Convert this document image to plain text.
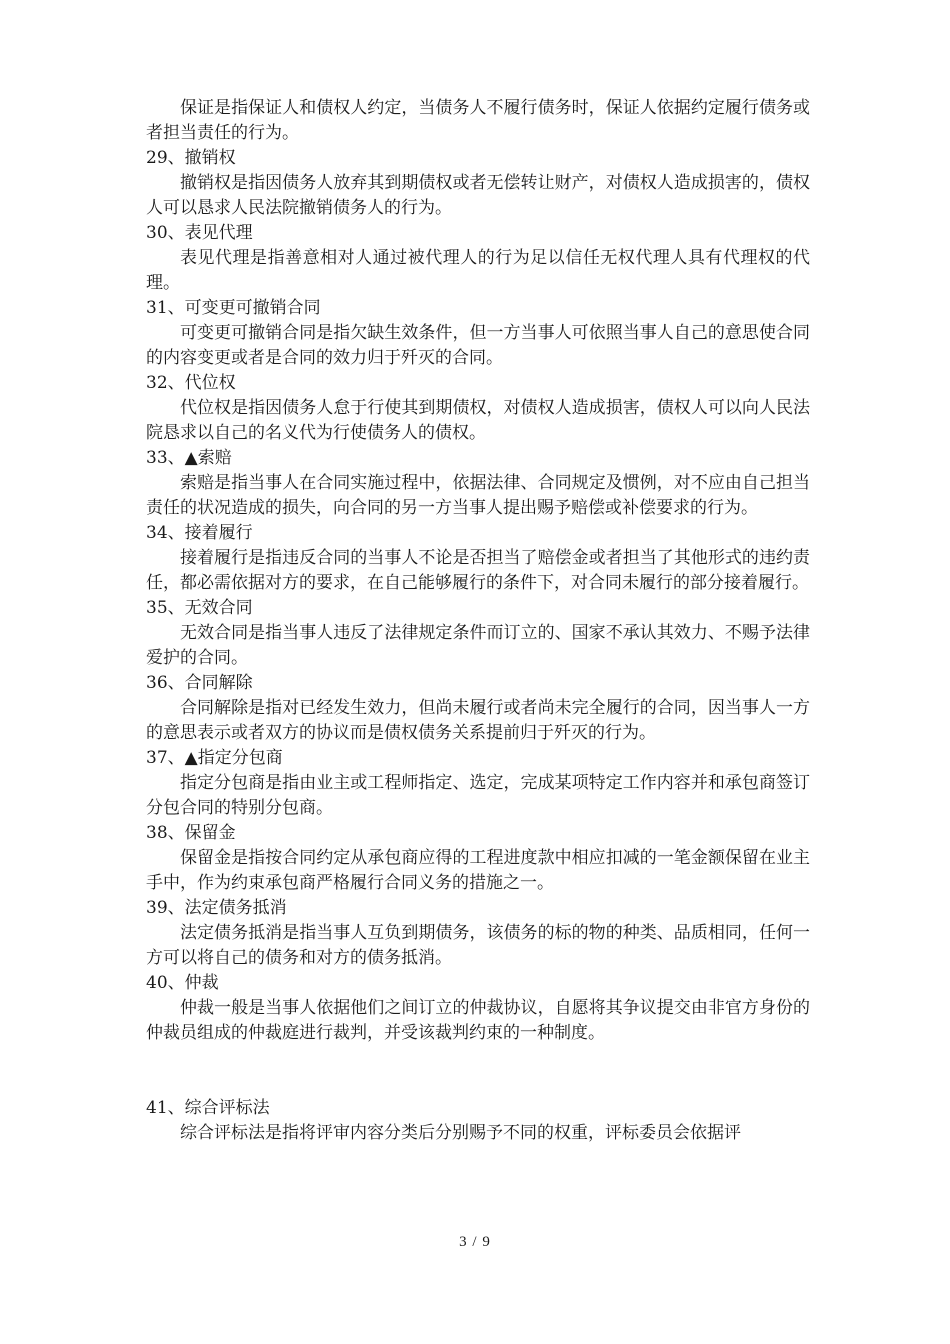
保证是指保证人和债权人约定，当债务人不履行债务时，保证人依据约定履行债务或者担当责任的行为。

29、撤销权

撤销权是指因债务人放弃其到期债权或者无偿转让财产，对债权人造成损害的，债权人可以恳求人民法院撤销债务人的行为。

30、表见代理

表见代理是指善意相对人通过被代理人的行为足以信任无权代理人具有代理权的代理。

31、可变更可撤销合同

可变更可撤销合同是指欠缺生效条件，但一方当事人可依照当事人自己的意思使合同的内容变更或者是合同的效力归于歼灭的合同。

32、代位权

代位权是指因债务人怠于行使其到期债权，对债权人造成损害，债权人可以向人民法院恳求以自己的名义代为行使债务人的债权。

33、▲索赔

索赔是指当事人在合同实施过程中，依据法律、合同规定及惯例，对不应由自己担当责任的状况造成的损失，向合同的另一方当事人提出赐予赔偿或补偿要求的行为。

34、接着履行

接着履行是指违反合同的当事人不论是否担当了赔偿金或者担当了其他形式的违约责任，都必需依据对方的要求，在自己能够履行的条件下，对合同未履行的部分接着履行。

35、无效合同

无效合同是指当事人违反了法律规定条件而订立的、国家不承认其效力、不赐予法律爱护的合同。

36、合同解除

合同解除是指对已经发生效力，但尚未履行或者尚未完全履行的合同，因当事人一方的意思表示或者双方的协议而是债权债务关系提前归于歼灭的行为。

37、▲指定分包商

指定分包商是指由业主或工程师指定、选定，完成某项特定工作内容并和承包商签订分包合同的特别分包商。

38、保留金

保留金是指按合同约定从承包商应得的工程进度款中相应扣减的一笔金额保留在业主手中，作为约束承包商严格履行合同义务的措施之一。

39、法定债务抵消

法定债务抵消是指当事人互负到期债务，该债务的标的物的种类、品质相同，任何一方可以将自己的债务和对方的债务抵消。

40、仲裁

仲裁一般是当事人依据他们之间订立的仲裁协议，自愿将其争议提交由非官方身份的仲裁员组成的仲裁庭进行裁判，并受该裁判约束的一种制度。

41、综合评标法

综合评标法是指将评审内容分类后分别赐予不同的权重，评标委员会依据评

3 / 9
